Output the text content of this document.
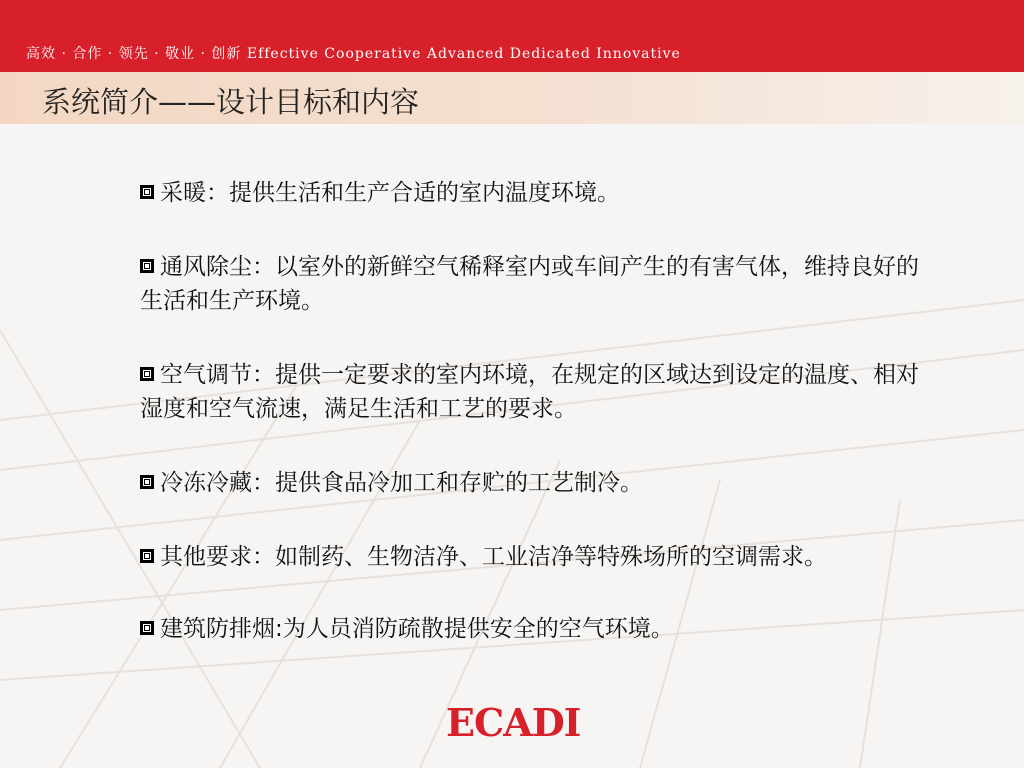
高效 · 合作 · 领先 · 敬业 · 创新 Effective Cooperative Advanced Dedicated Innovative
系统简介——设计目标和内容
采暖：提供生活和生产合适的室内温度环境。
通风除尘：以室外的新鲜空气稀释室内或车间产生的有害气体，维持良好的生活和生产环境。
空气调节：提供一定要求的室内环境，在规定的区域达到设定的温度、相对湿度和空气流速，满足生活和工艺的要求。
冷冻冷藏：提供食品冷加工和存贮的工艺制冷。
其他要求：如制药、生物洁净、工业洁净等特殊场所的空调需求。
建筑防排烟:为人员消防疏散提供安全的空气环境。
ECADI
